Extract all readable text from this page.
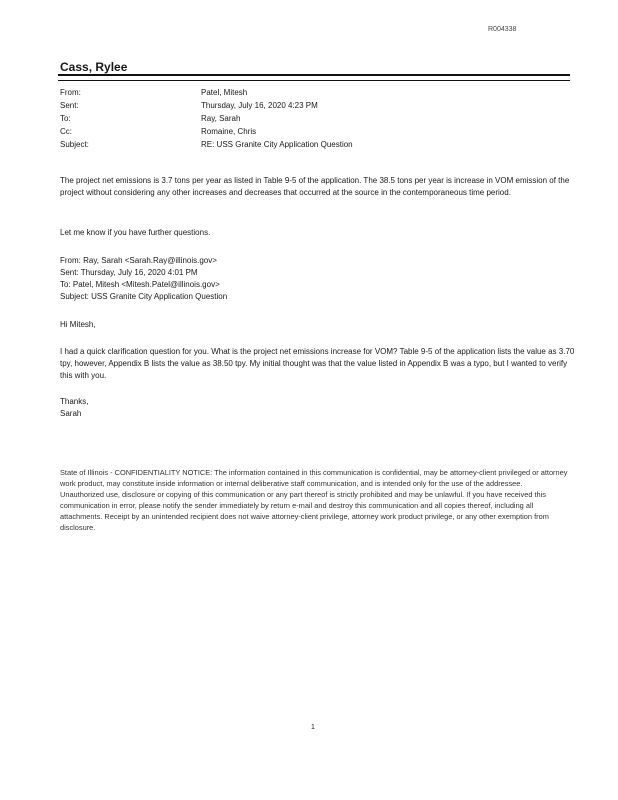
R004338
Cass, Rylee
From:	Patel, Mitesh
Sent:	Thursday, July 16, 2020 4:23 PM
To:	Ray, Sarah
Cc:	Romaine, Chris
Subject:	RE: USS Granite City Application Question

The project net emissions is 3.7 tons per year as listed in Table 9-5 of the application. The 38.5 tons per year is increase in VOM emission of the project without considering any other increases and decreases that occurred at the source in the contemporaneous time period.

Let me know if you have further questions.

From: Ray, Sarah <Sarah.Ray@illinois.gov>
Sent: Thursday, July 16, 2020 4:01 PM
To: Patel, Mitesh <Mitesh.Patel@illinois.gov>
Subject: USS Granite City Application Question
Hi Mitesh,

I had a quick clarification question for you. What is the project net emissions increase for VOM? Table 9-5 of the application lists the value as 3.70 tpy, however, Appendix B lists the value as 38.50 tpy. My initial thought was that the value listed in Appendix B was a typo, but I wanted to verify this with you.

Thanks,
Sarah

State of Illinois - CONFIDENTIALITY NOTICE: The information contained in this communication is confidential, may be attorney-client privileged or attorney work product, may constitute inside information or internal deliberative staff communication, and is intended only for the use of the addressee. Unauthorized use, disclosure or copying of this communication or any part thereof is strictly prohibited and may be unlawful. If you have received this communication in error, please notify the sender immediately by return e-mail and destroy this communication and all copies thereof, including all attachments. Receipt by an unintended recipient does not waive attorney-client privilege, attorney work product privilege, or any other exemption from disclosure.

1
